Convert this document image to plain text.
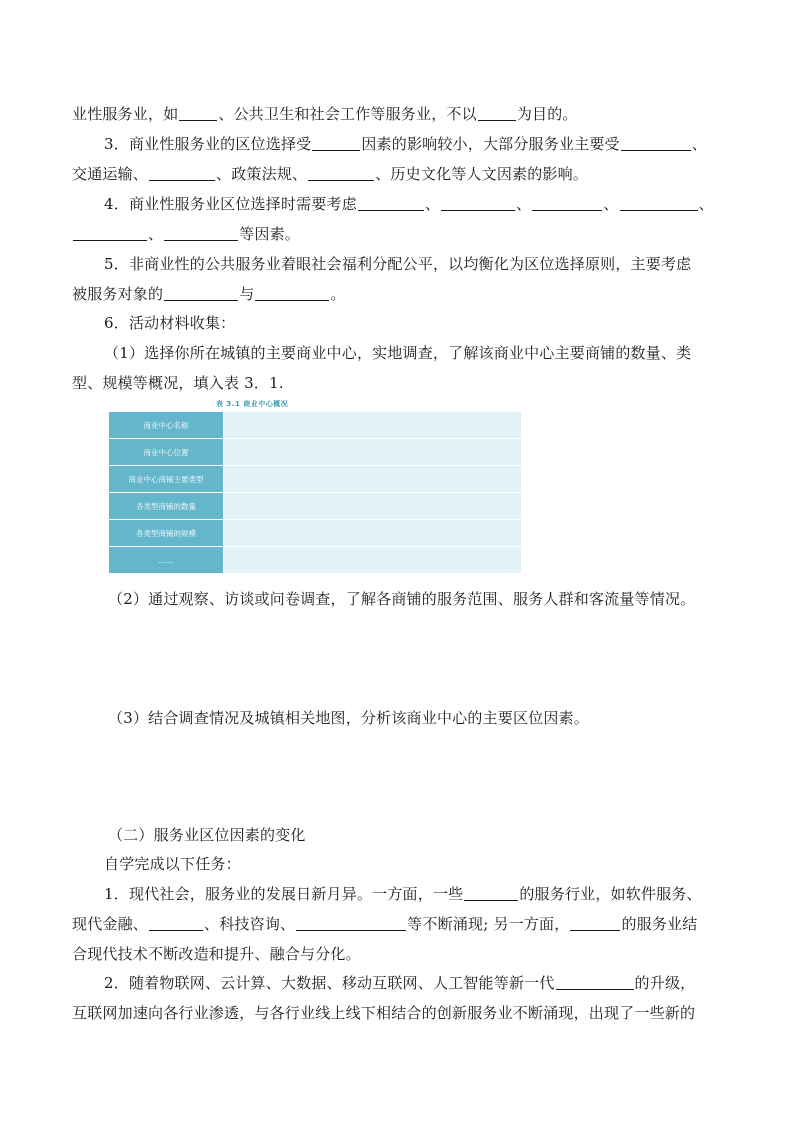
业性服务业，如	、公共卫生和社会工作等服务业，不以	为目的。
3．商业性服务业的区位选择受	因素的影响较小，大部分服务业主要受	、
交通运输、	、政策法规、	、历史文化等人文因素的影响。
4．商业性服务业区位选择时需要考虑	、	、	、	、
、	等因素。
5．非商业性的公共服务业着眼社会福利分配公平，以均衡化为区位选择原则，主要考虑
被服务对象的	与	。
6．活动材料收集：
（1）选择你所在城镇的主要商业中心，实地调查，了解该商业中心主要商铺的数量、类
型、规模等概况，填入表 3．1.
表 3.1 商业中心概况
商业中心名称	
商业中心位置	
商业中心商铺主要类型	
各类型商铺的数量	
各类型商铺的规模	
……	
（2）通过观察、访谈或问卷调查，了解各商铺的服务范围、服务人群和客流量等情况。
（3）结合调查情况及城镇相关地图，分析该商业中心的主要区位因素。
（二）服务业区位因素的变化
自学完成以下任务：
1．现代社会，服务业的发展日新月异。一方面，一些	的服务行业，如软件服务、
现代金融、	、科技咨询、	等不断涌现; 另一方面，	的服务业结
合现代技术不断改造和提升、融合与分化。
2．随着物联网、云计算、大数据、移动互联网、人工智能等新一代	的升级，
互联网加速向各行业渗透，与各行业线上线下相结合的创新服务业不断涌现，出现了一些新的
